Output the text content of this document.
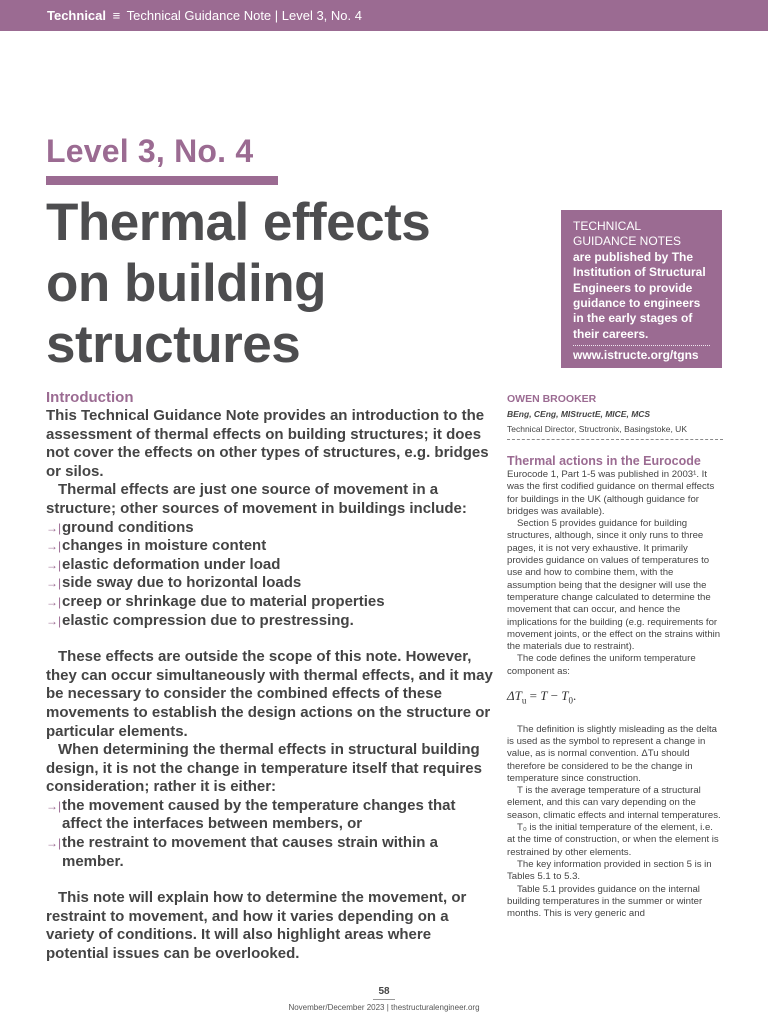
Technical ≡ Technical Guidance Note | Level 3, No. 4
Level 3, No. 4
Thermal effects
on building
structures
TECHNICAL
GUIDANCE NOTES
are published by The Institution of Structural Engineers to provide guidance to engineers in the early stages of their careers.
www.istructe.org/tgns
Introduction

This Technical Guidance Note provides an introduction to the assessment of thermal effects on building structures; it does not cover the effects on other types of structures, e.g. bridges or silos.

Thermal effects are just one source of movement in a structure; other sources of movement in buildings include:

→| ground conditions
→| changes in moisture content
→| elastic deformation under load
→| side sway due to horizontal loads
→| creep or shrinkage due to material properties
→| elastic compression due to prestressing.

These effects are outside the scope of this note. However, they can occur simultaneously with thermal effects, and it may be necessary to consider the combined effects of these movements to establish the design actions on the structure or particular elements.

When determining the thermal effects in structural building design, it is not the change in temperature itself that requires consideration; rather it is either:

→| the movement caused by the temperature changes that affect the interfaces between members, or
→| the restraint to movement that causes strain within a member.

This note will explain how to determine the movement, or restraint to movement, and how it varies depending on a variety of conditions. It will also highlight areas where potential issues can be overlooked.

OWEN BROOKER
BEng, CEng, MIStructE, MICE, MCS
Technical Director, Structronix, Basingstoke, UK
Thermal actions in the Eurocode

Eurocode 1, Part 1-5 was published in 2003¹. It was the first codified guidance on thermal effects for buildings in the UK (although guidance for bridges was available).

Section 5 provides guidance for building structures, although, since it only runs to three pages, it is not very exhaustive. It primarily provides guidance on values of temperatures to use and how to combine them, with the assumption being that the designer will use the temperature change calculated to determine the movement that can occur, and hence the implications for the building (e.g. requirements for movement joints, or the effect on the strains within the materials due to restraint).

The code defines the uniform temperature component as:

$\Delta T_u = T - T_0$.

The definition is slightly misleading as the delta is used as the symbol to represent a change in value, as is normal convention. ΔTu should therefore be considered to be the change in temperature since construction.

T is the average temperature of a structural element, and this can vary depending on the season, climatic effects and internal temperatures.

T₀ is the initial temperature of the element, i.e. at the time of construction, or when the element is restrained by other elements.

The key information provided in section 5 is in Tables 5.1 to 5.3.

Table 5.1 provides guidance on the internal building temperatures in the summer or winter months. This is very generic and

58
November/December 2023 | thestructuralengineer.org
